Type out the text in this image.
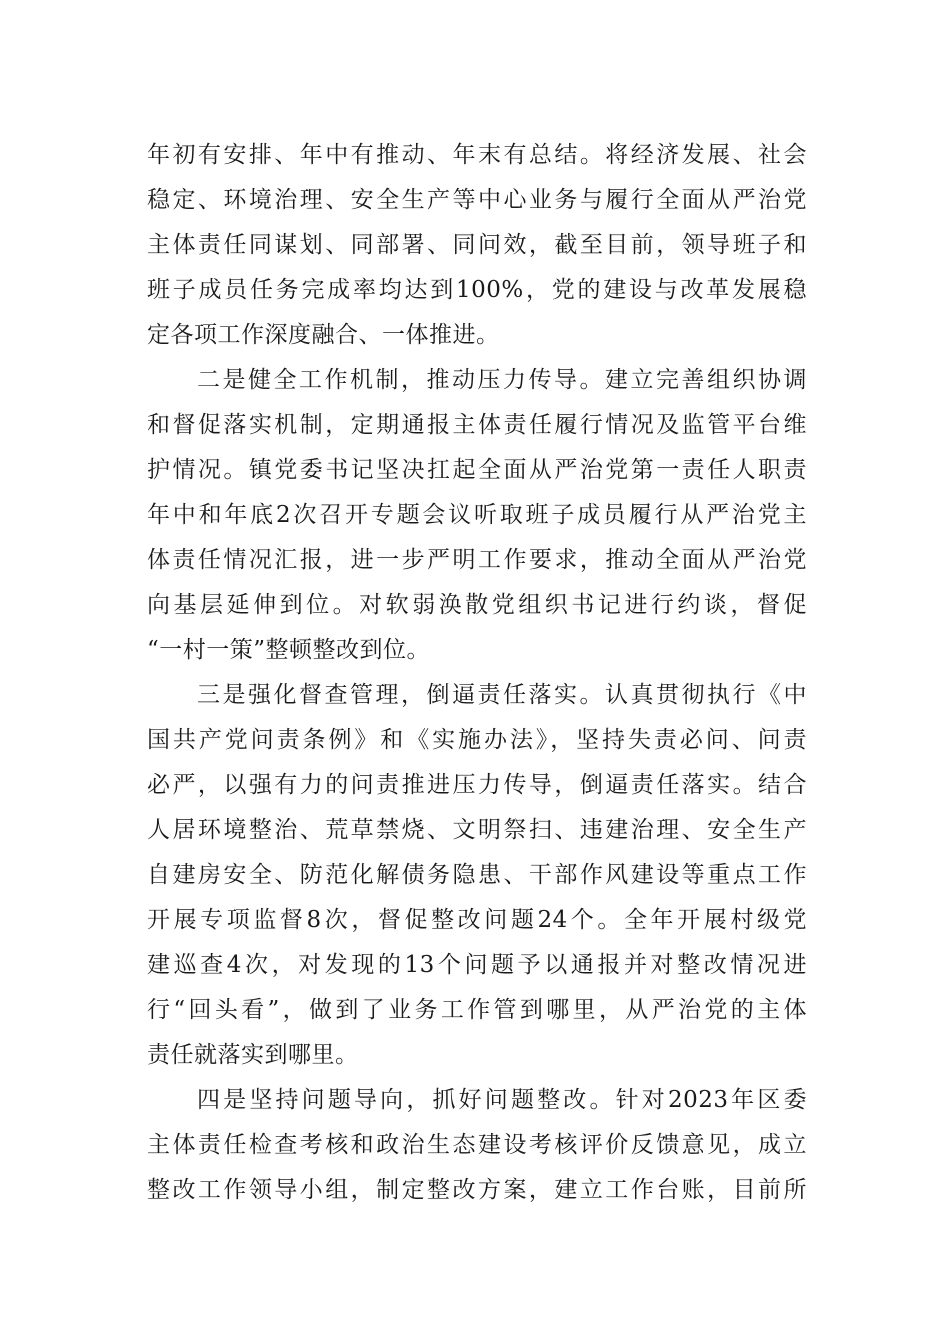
年初有安排、年中有推动、年末有总结。将经济发展、社会
稳定、环境治理、安全生产等中心业务与履行全面从严治党
主体责任同谋划、同部署、同问效，截至目前，领导班子和
班子成员任务完成率均达到100%，党的建设与改革发展稳
定各项工作深度融合、一体推进。
二是健全工作机制，推动压力传导。建立完善组织协调
和督促落实机制，定期通报主体责任履行情况及监管平台维
护情况。镇党委书记坚决扛起全面从严治党第一责任人职责
年中和年底2次召开专题会议听取班子成员履行从严治党主
体责任情况汇报，进一步严明工作要求，推动全面从严治党
向基层延伸到位。对软弱涣散党组织书记进行约谈，督促
“一村一策”整顿整改到位。
三是强化督查管理，倒逼责任落实。认真贯彻执行《中
国共产党问责条例》和《实施办法》，坚持失责必问、问责
必严，以强有力的问责推进压力传导，倒逼责任落实。结合
人居环境整治、荒草禁烧、文明祭扫、违建治理、安全生产
自建房安全、防范化解债务隐患、干部作风建设等重点工作
开展专项监督8次，督促整改问题24个。全年开展村级党
建巡查4次，对发现的13个问题予以通报并对整改情况进
行“回头看”，做到了业务工作管到哪里，从严治党的主体
责任就落实到哪里。
四是坚持问题导向，抓好问题整改。针对2023年区委
主体责任检查考核和政治生态建设考核评价反馈意见，成立
整改工作领导小组，制定整改方案，建立工作台账，目前所
